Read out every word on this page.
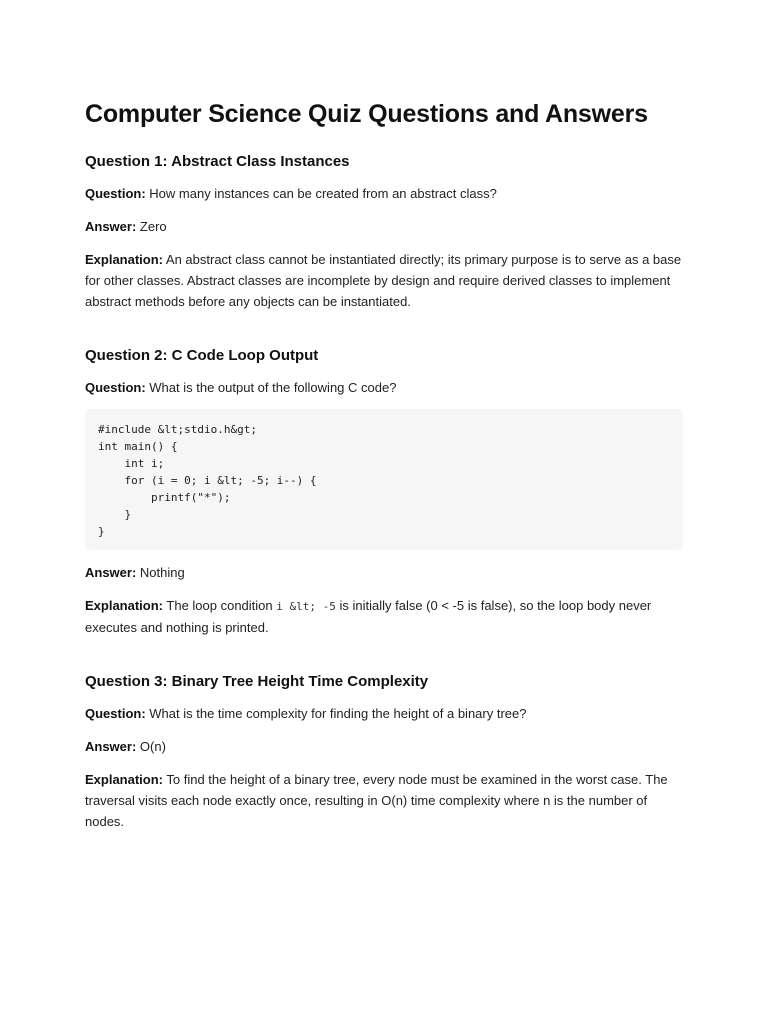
Computer Science Quiz Questions and Answers
Question 1: Abstract Class Instances

Question: How many instances can be created from an abstract class?

Answer: Zero

Explanation: An abstract class cannot be instantiated directly; its primary purpose is to serve as a base for other classes. Abstract classes are incomplete by design and require derived classes to implement abstract methods before any objects can be instantiated.

Question 2: C Code Loop Output

Question: What is the output of the following C code?

#include &lt;stdio.h&gt;
int main() {
int i;
for (i = 0; i &lt; -5; i--) {
printf("*");
}
}

Answer: Nothing

Explanation: The loop condition i &lt; -5 is initially false (0 < -5 is false), so the loop body never executes and nothing is printed.

Question 3: Binary Tree Height Time Complexity

Question: What is the time complexity for finding the height of a binary tree?

Answer: O(n)

Explanation: To find the height of a binary tree, every node must be examined in the worst case. The traversal visits each node exactly once, resulting in O(n) time complexity where n is the number of nodes.
